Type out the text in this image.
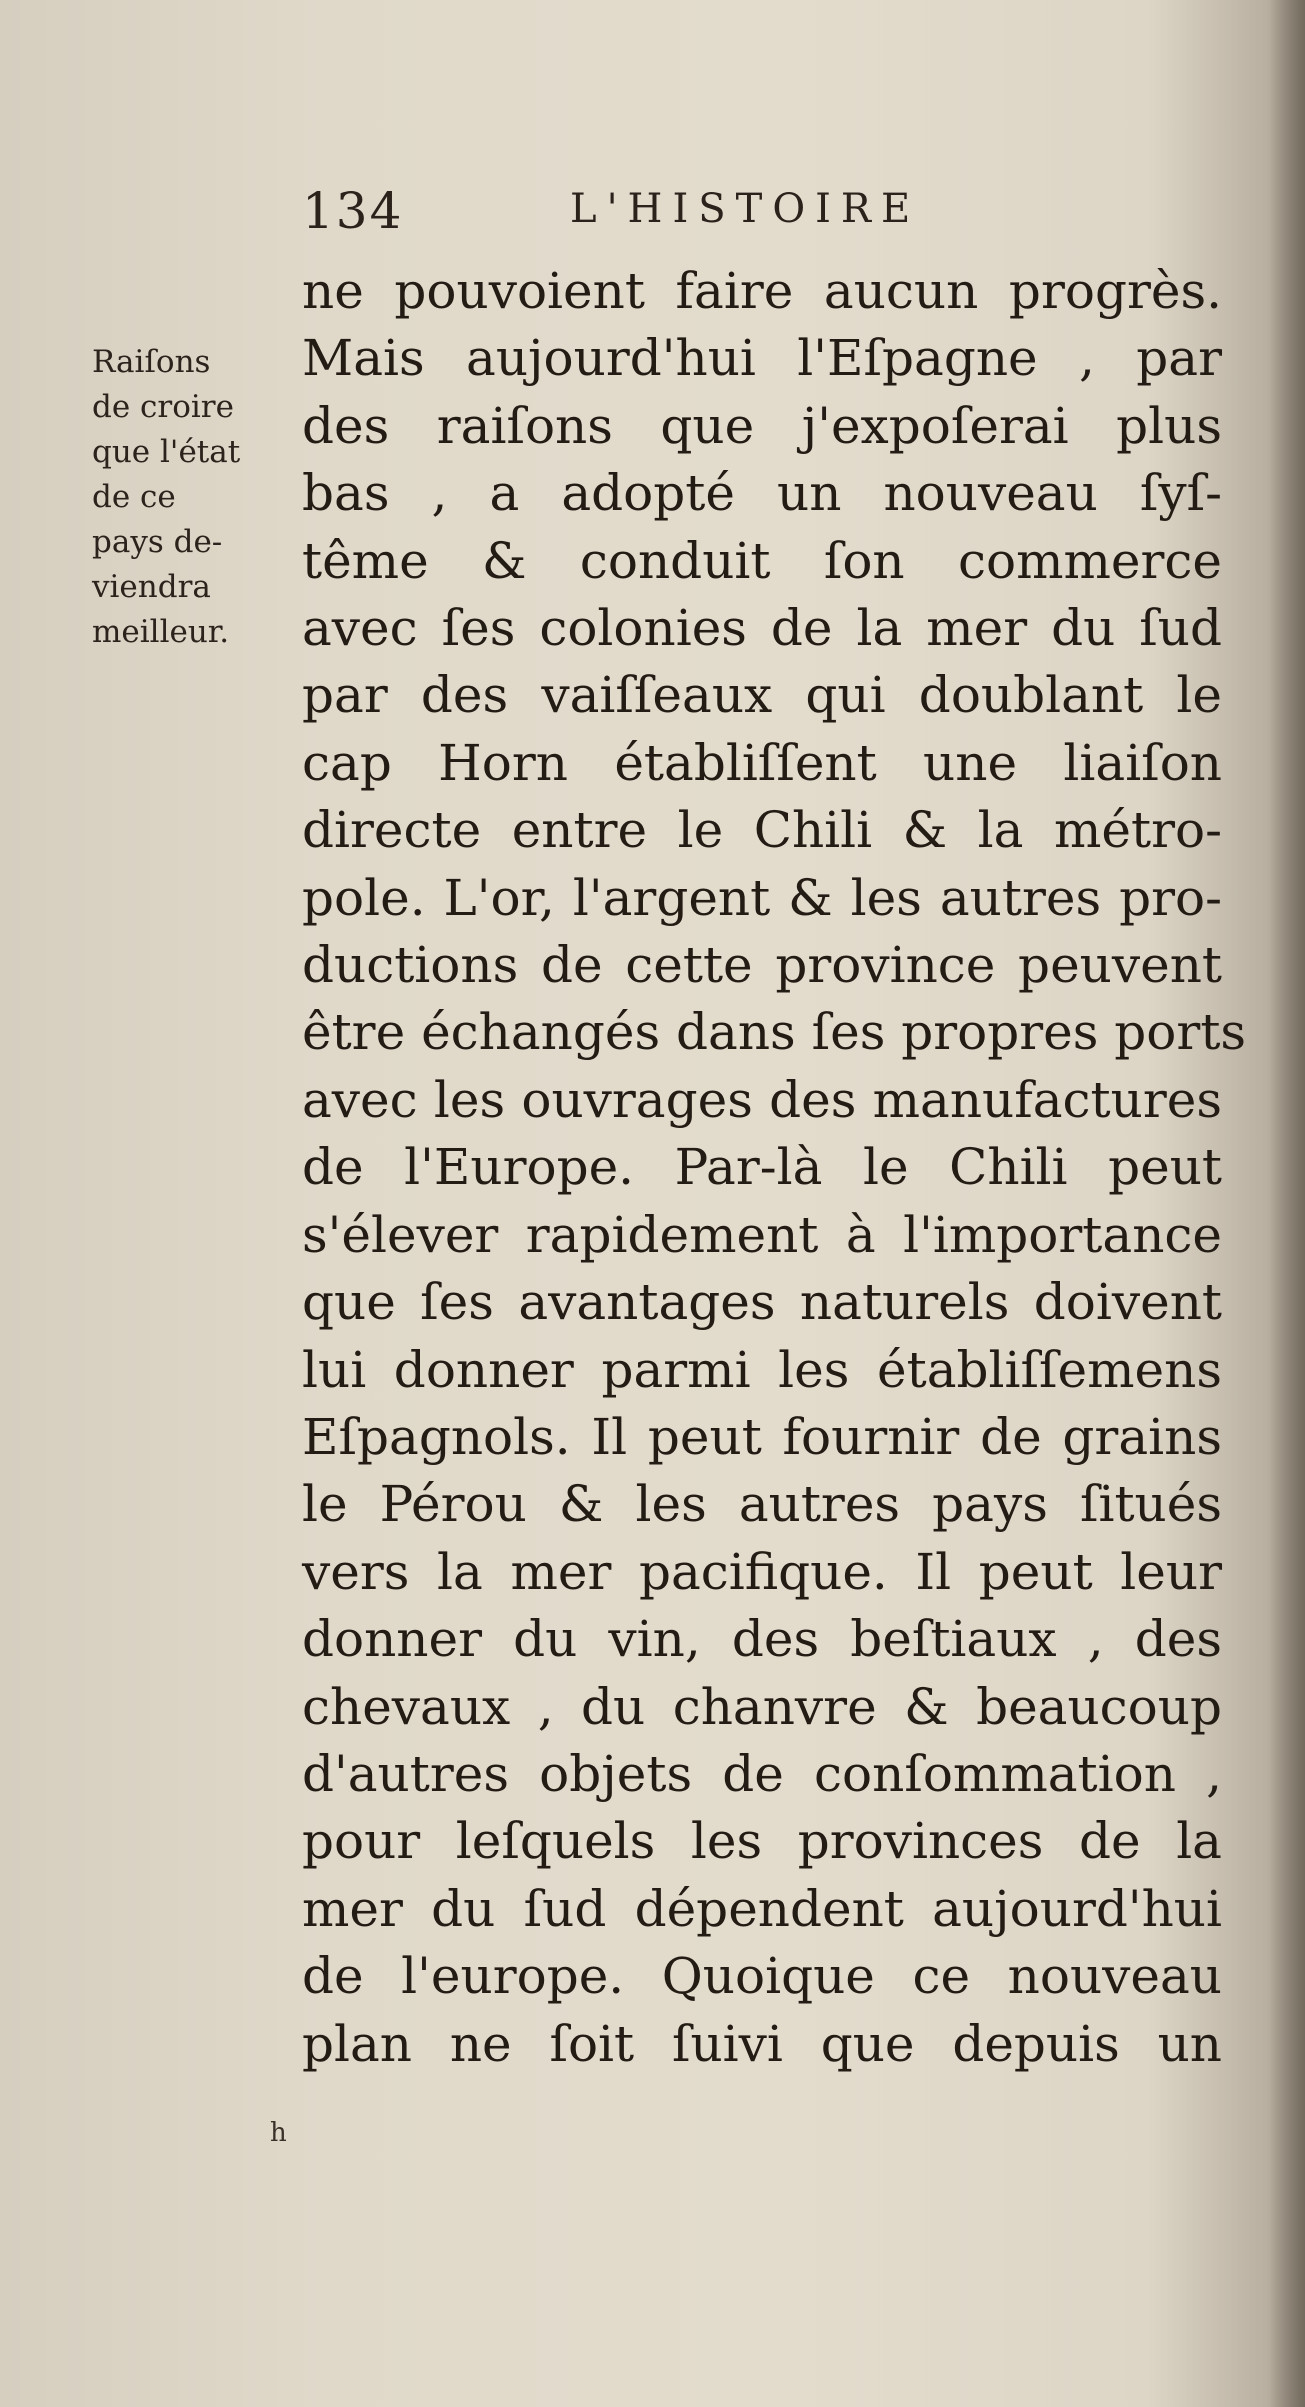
134	L'HISTOIRE
Raiſons
de croire
que l'état
de ce
pays de-
viendra
meilleur.
ne pouvoient faire aucun progrès.
Mais aujourd'hui l'Eſpagne , par
des raiſons que j'expoſerai plus
bas , a adopté un nouveau ſyſ-
tême & conduit ſon commerce
avec ſes colonies de la mer du ſud
par des vaiſſeaux qui doublant le
cap Horn établiſſent une liaiſon
directe entre le Chili & la métro-
pole. L'or, l'argent & les autres pro-
ductions de cette province peuvent
être échangés dans ſes propres ports
avec les ouvrages des manufactures
de l'Europe. Par-là le Chili peut
s'élever rapidement à l'importance
que ſes avantages naturels doivent
lui donner parmi les établiſſemens
Eſpagnols. Il peut fournir de grains
le Pérou & les autres pays ſitués
vers la mer pacifique. Il peut leur
donner du vin, des beſtiaux , des
chevaux , du chanvre & beaucoup
d'autres objets de conſommation ,
pour leſquels les provinces de la
mer du ſud dépendent aujourd'hui
de l'europe. Quoique ce nouveau
plan ne ſoit ſuivi que depuis un
h
